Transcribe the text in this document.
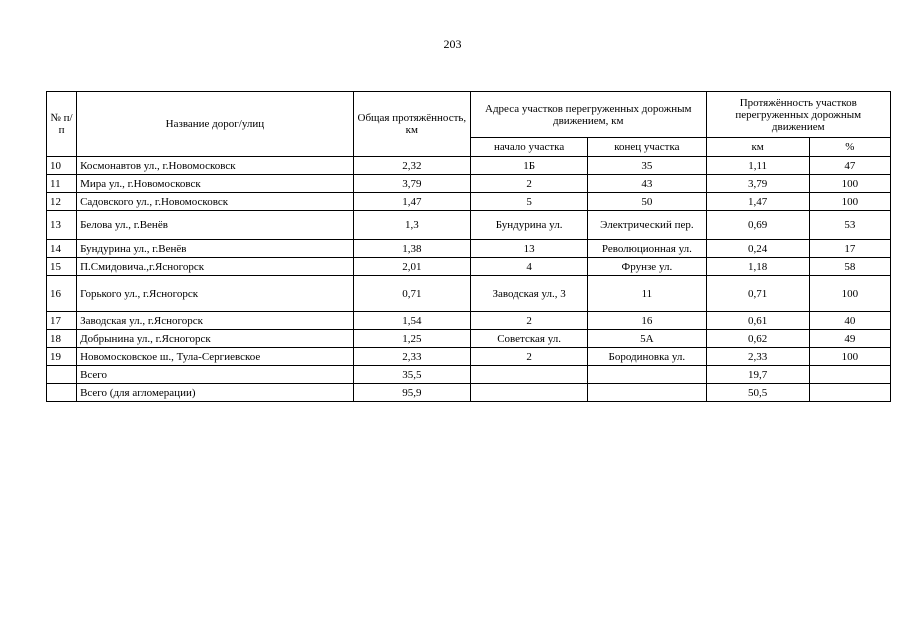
203
№ п/п	Название дорог/улиц	Общая протяжённость, км	Адреса участков перегруженных дорожным движением, км		Протяжённость участков перегруженных дорожным движением	
			начало участка	конец участка	км	%
10	Космонавтов ул., г.Новомосковск	2,32	1Б	35	1,11	47
11	Мира ул., г.Новомосковск	3,79	2	43	3,79	100
12	Садовского ул., г.Новомосковск	1,47	5	50	1,47	100
13	Белова ул., г.Венёв	1,3	Бундурина ул.	Электрический пер.	0,69	53
14	Бундурина ул., г.Венёв	1,38	13	Революционная ул.	0,24	17
15	П.Смидовича.,г.Ясногорск	2,01	4	Фрунзе ул.	1,18	58
16	Горького ул., г.Ясногорск	0,71	Заводская ул., 3	11	0,71	100
17	Заводская ул., г.Ясногорск	1,54	2	16	0,61	40
18	Добрынина ул., г.Ясногорск	1,25	Советская ул.	5А	0,62	49
19	Новомосковское ш., Тула-Сергиевское	2,33	2	Бородиновка ул.	2,33	100
	Всего	35,5			19,7	
	Всего (для агломерации)	95,9			50,5	
